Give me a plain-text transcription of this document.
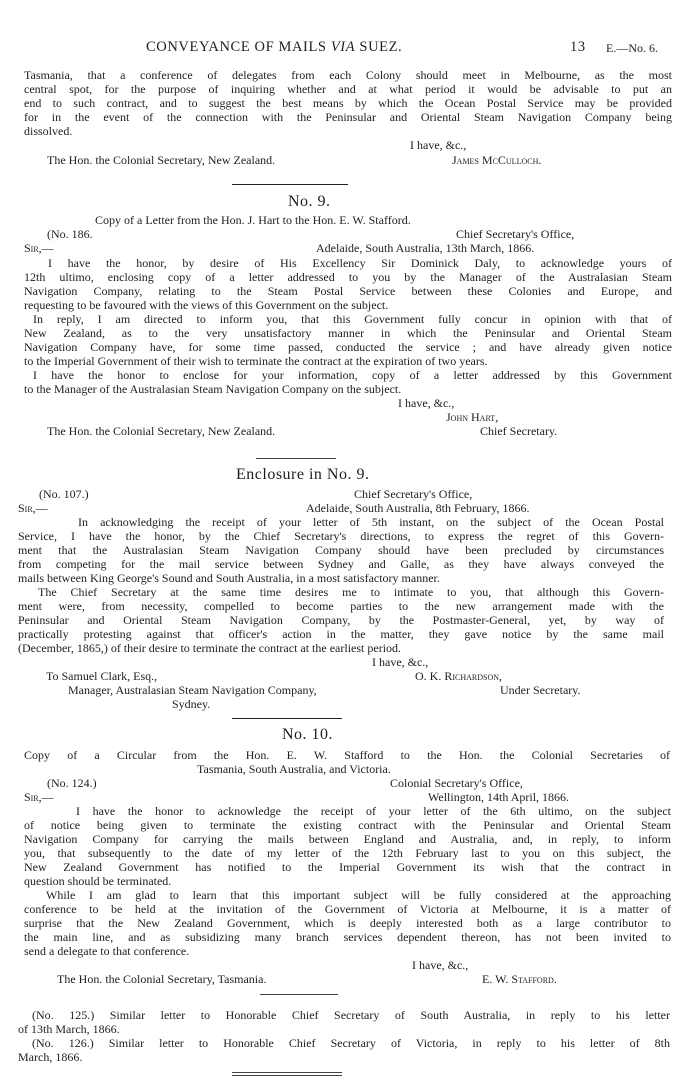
CONVEYANCE OF MAILS VIA SUEZ.	13 E.—No. 6.
Tasmania, that a conference of delegates from each Colony should meet in Melbourne, as the most
central spot, for the purpose of inquiring whether and at what period it would be advisable to put an
end to such contract, and to suggest the best means by which the Ocean Postal Service may be provided
for in the event of the connection with the Peninsular and Oriental Steam Navigation Company being
dissolved.
I have, &c.,
The Hon. the Colonial Secretary, New Zealand.	James McCulloch.
No. 9.
Copy of a Letter from the Hon. J. Hart to the Hon. E. W. Stafford.
(No. 186.	Chief Secretary's Office,
Sir,—	Adelaide, South Australia, 13th March, 1866.
I have the honor, by desire of His Excellency Sir Dominick Daly, to acknowledge yours of
12th ultimo, enclosing copy of a letter addressed to you by the Manager of the Australasian Steam
Navigation Company, relating to the Steam Postal Service between these Colonies and Europe, and
requesting to be favoured with the views of this Government on the subject.
In reply, I am directed to inform you, that this Government fully concur in opinion with that of
New Zealand, as to the very unsatisfactory manner in which the Peninsular and Oriental Steam
Navigation Company have, for some time passed, conducted the service ; and have already given notice
to the Imperial Government of their wish to terminate the contract at the expiration of two years.
I have the honor to enclose for your information, copy of a letter addressed by this Government
to the Manager of the Australasian Steam Navigation Company on the subject.
I have, &c.,
John Hart,
The Hon. the Colonial Secretary, New Zealand.	Chief Secretary.
Enclosure in No. 9.
(No. 107.)	Chief Secretary's Office,
Sir,—	Adelaide, South Australia, 8th February, 1866.
In acknowledging the receipt of your letter of 5th instant, on the subject of the Ocean Postal
Service, I have the honor, by the Chief Secretary's directions, to express the regret of this Govern-
ment that the Australasian Steam Navigation Company should have been precluded by circumstances
from competing for the mail service between Sydney and Galle, as they have always conveyed the
mails between King George's Sound and South Australia, in a most satisfactory manner.
The Chief Secretary at the same time desires me to intimate to you, that although this Govern-
ment were, from necessity, compelled to become parties to the new arrangement made with the
Peninsular and Oriental Steam Navigation Company, by the Postmaster-General, yet, by way of
practically protesting against that officer's action in the matter, they gave notice by the same mail
(December, 1865,) of their desire to terminate the contract at the earliest period.
I have, &c.,
To Samuel Clark, Esq.,	O. K. Richardson,
Manager, Australasian Steam Navigation Company,	Under Secretary.
Sydney.
No. 10.
Copy of a Circular from the Hon. E. W. Stafford to the Hon. the Colonial Secretaries of
Tasmania, South Australia, and Victoria.
(No. 124.)	Colonial Secretary's Office,
Sir,—	Wellington, 14th April, 1866.
I have the honor to acknowledge the receipt of your letter of the 6th ultimo, on the subject
of notice being given to terminate the existing contract with the Peninsular and Oriental Steam
Navigation Company for carrying the mails between England and Australia, and, in reply, to inform
you, that subsequently to the date of my letter of the 12th February last to you on this subject, the
New Zealand Government has notified to the Imperial Government its wish that the contract in
question should be terminated.
While I am glad to learn that this important subject will be fully considered at the approaching
conference to be held at the invitation of the Government of Victoria at Melbourne, it is a matter of
surprise that the New Zealand Government, which is deeply interested both as a large contributor to
the main line, and as subsidizing many branch services dependent thereon, has not been invited to
send a delegate to that conference.
I have, &c.,
The Hon. the Colonial Secretary, Tasmania.	E. W. Stafford.
(No. 125.) Similar letter to Honorable Chief Secretary of South Australia, in reply to his letter
of 13th March, 1866.
(No. 126.) Similar letter to Honorable Chief Secretary of Victoria, in reply to his letter of 8th
March, 1866.
